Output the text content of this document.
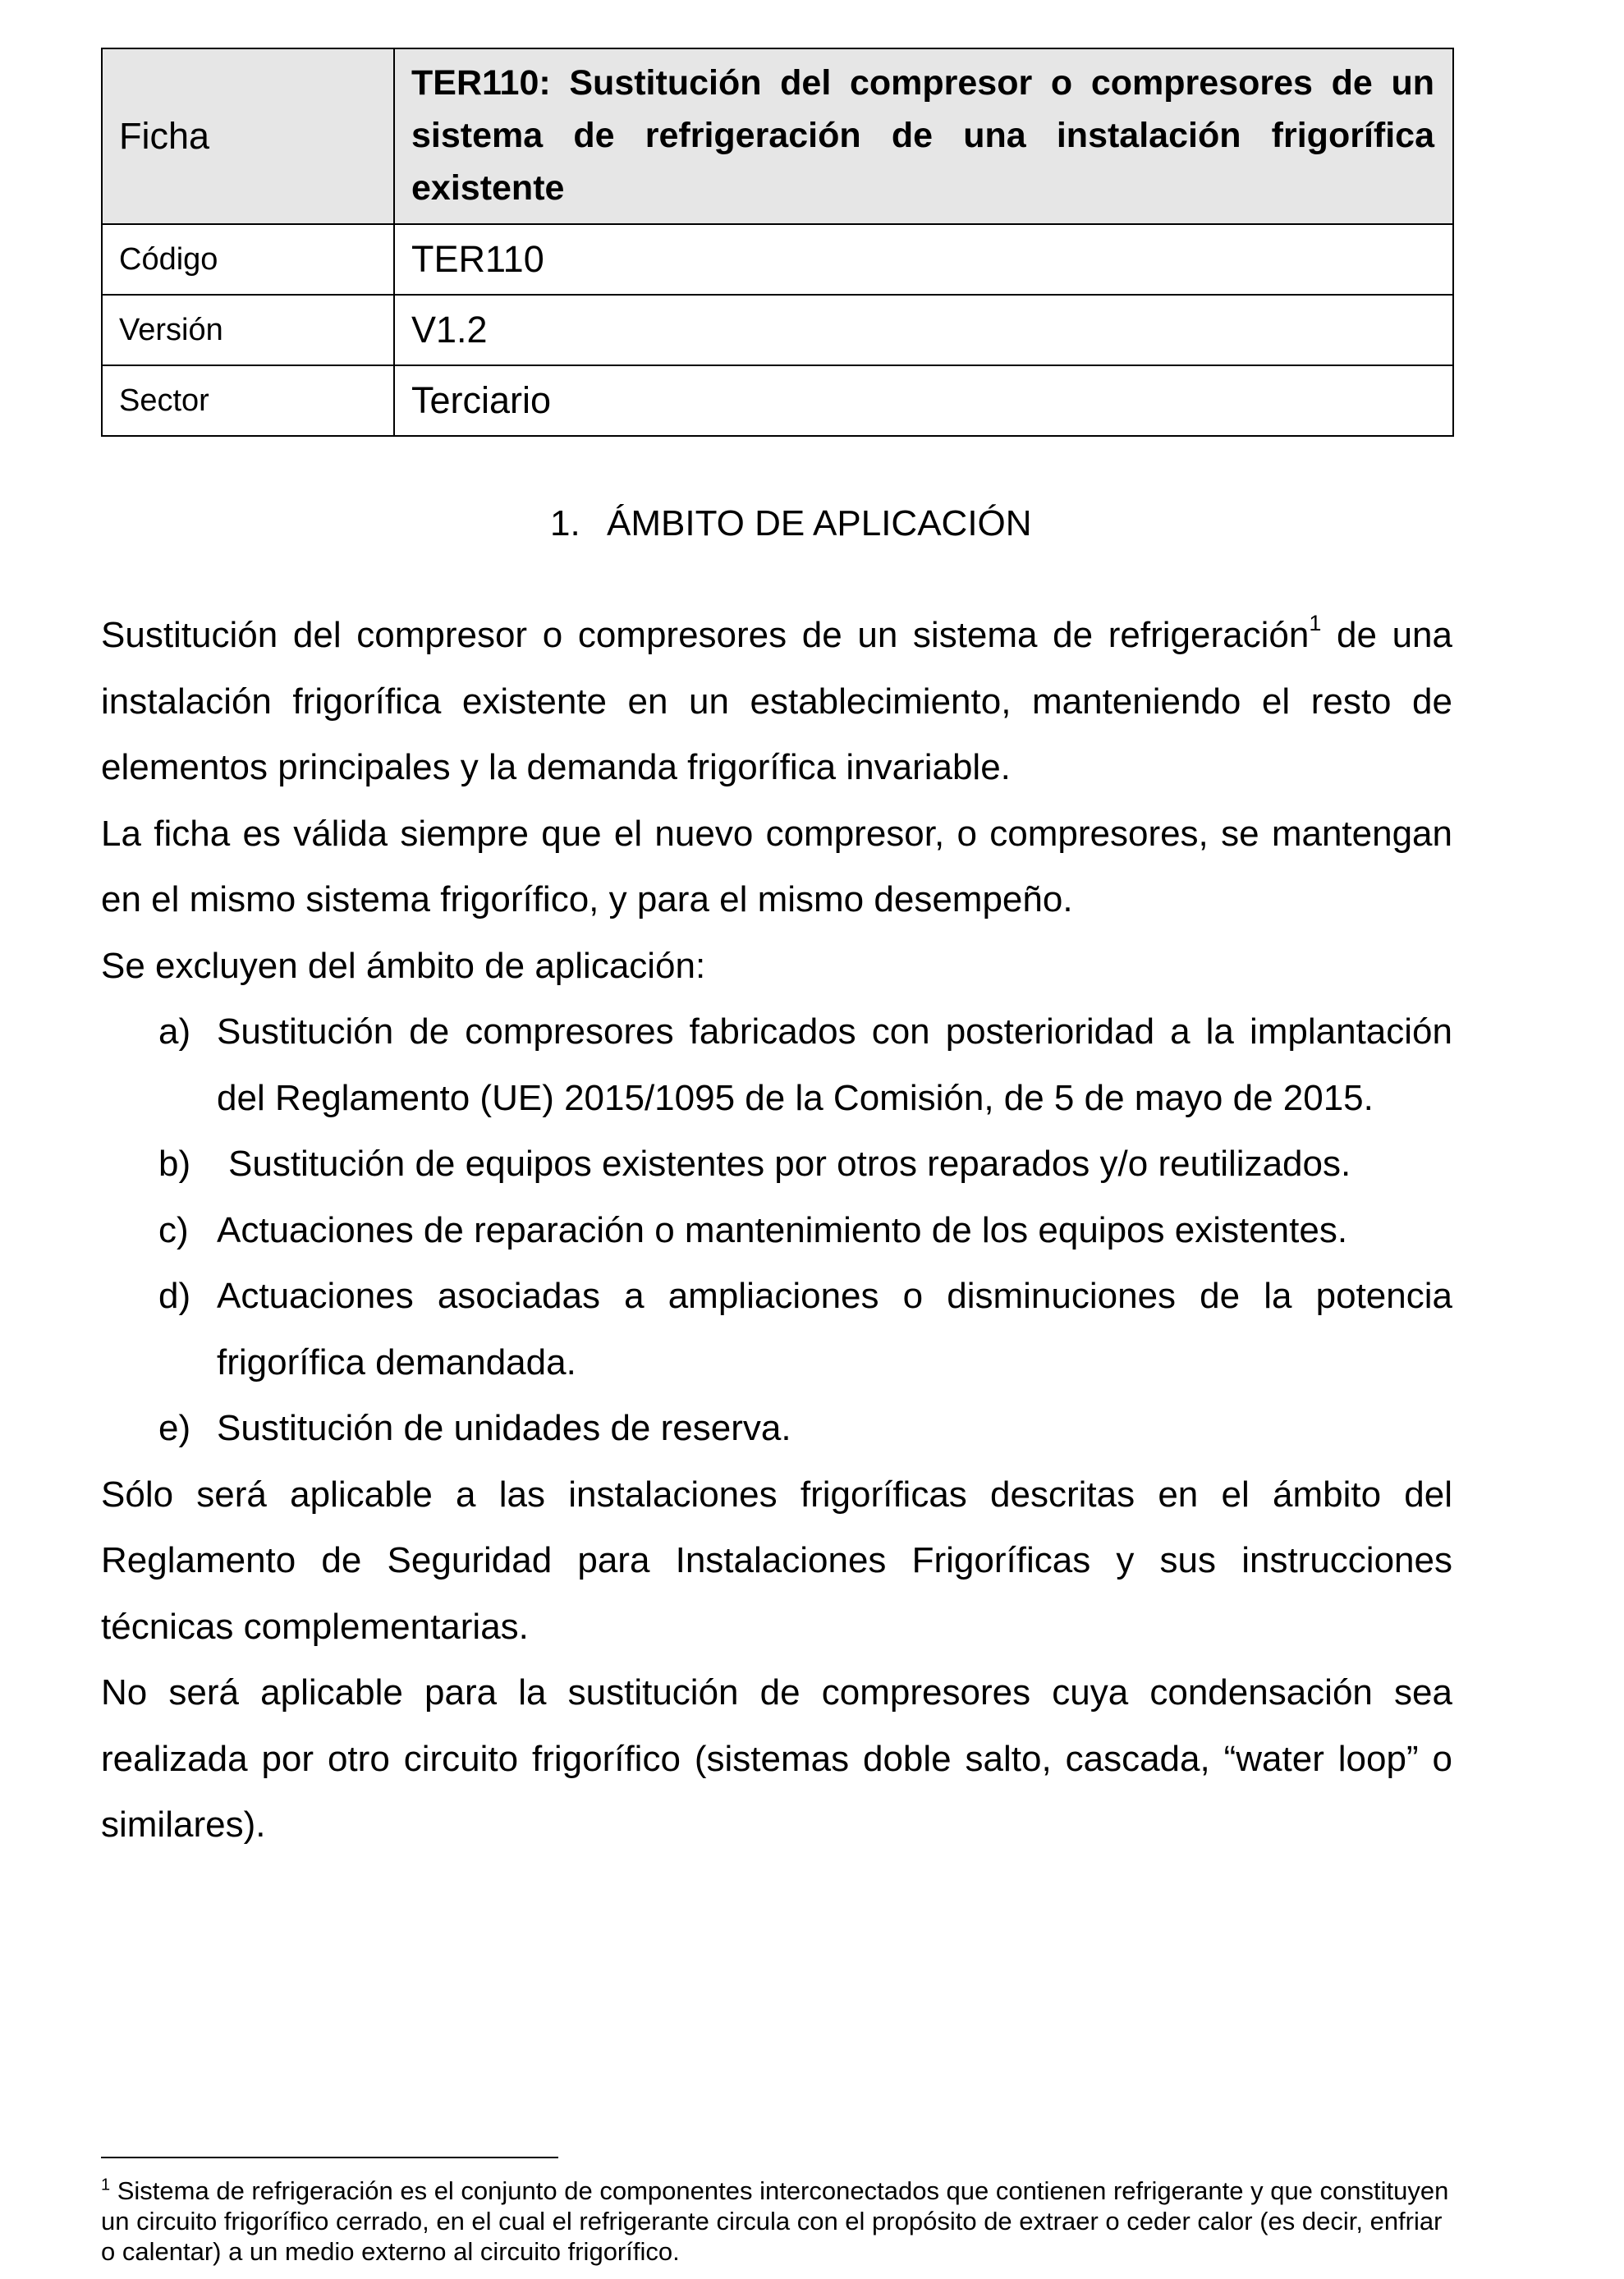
Ficha	TER110: Sustitución del compresor o compresores de un sistema de refrigeración de una instalación frigorífica existente
Código	TER110
Versión	V1.2
Sector	Terciario
1. ÁMBITO DE APLICACIÓN

Sustitución del compresor o compresores de un sistema de refrigeración$^1$ de una instalación frigorífica existente en un establecimiento, manteniendo el resto de elementos principales y la demanda frigorífica invariable.

La ficha es válida siempre que el nuevo compresor, o compresores, se mantengan en el mismo sistema frigorífico, y para el mismo desempeño.

Se excluyen del ámbito de aplicación:

a) Sustitución de compresores fabricados con posterioridad a la implantación del Reglamento (UE) 2015/1095 de la Comisión, de 5 de mayo de 2015.
b) Sustitución de equipos existentes por otros reparados y/o reutilizados.
c) Actuaciones de reparación o mantenimiento de los equipos existentes.
d) Actuaciones asociadas a ampliaciones o disminuciones de la potencia frigorífica demandada.
e) Sustitución de unidades de reserva.

Sólo será aplicable a las instalaciones frigoríficas descritas en el ámbito del Reglamento de Seguridad para Instalaciones Frigoríficas y sus instrucciones técnicas complementarias.

No será aplicable para la sustitución de compresores cuya condensación sea realizada por otro circuito frigorífico (sistemas doble salto, cascada, “water loop” o similares).

$^1$ Sistema de refrigeración es el conjunto de componentes interconectados que contienen refrigerante y que constituyen un circuito frigorífico cerrado, en el cual el refrigerante circula con el propósito de extraer o ceder calor (es decir, enfriar o calentar) a un medio externo al circuito frigorífico.
